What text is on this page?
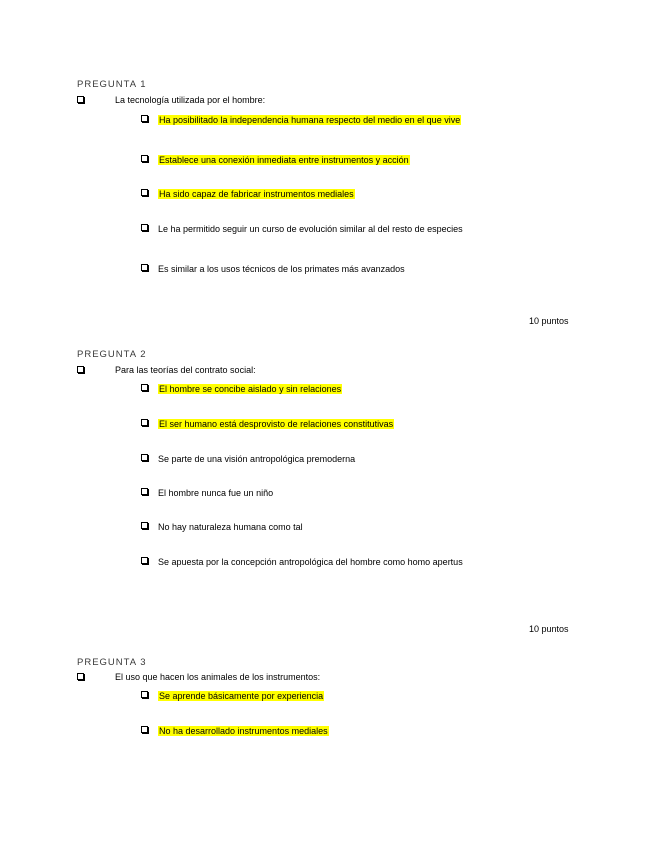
PREGUNTA 1
La tecnología utilizada por el hombre:
Ha posibilitado la independencia humana respecto del medio en el que vive
Establece una conexión inmediata entre instrumentos y acción
Ha sido capaz de fabricar instrumentos mediales
Le ha permitido seguir un curso de evolución similar al del resto de especies
Es similar a los usos técnicos de los primates más avanzados
10 puntos
PREGUNTA 2
Para las teorías del contrato social:
El hombre se concibe aislado y sin relaciones
El ser humano está desprovisto de relaciones constitutivas
Se parte de una visión antropológica premoderna
El hombre nunca fue un niño
No hay naturaleza humana como tal
Se apuesta por la concepción antropológica del hombre como homo apertus
10 puntos
PREGUNTA 3
El uso que hacen los animales de los instrumentos:
Se aprende básicamente por experiencia
No ha desarrollado instrumentos mediales
